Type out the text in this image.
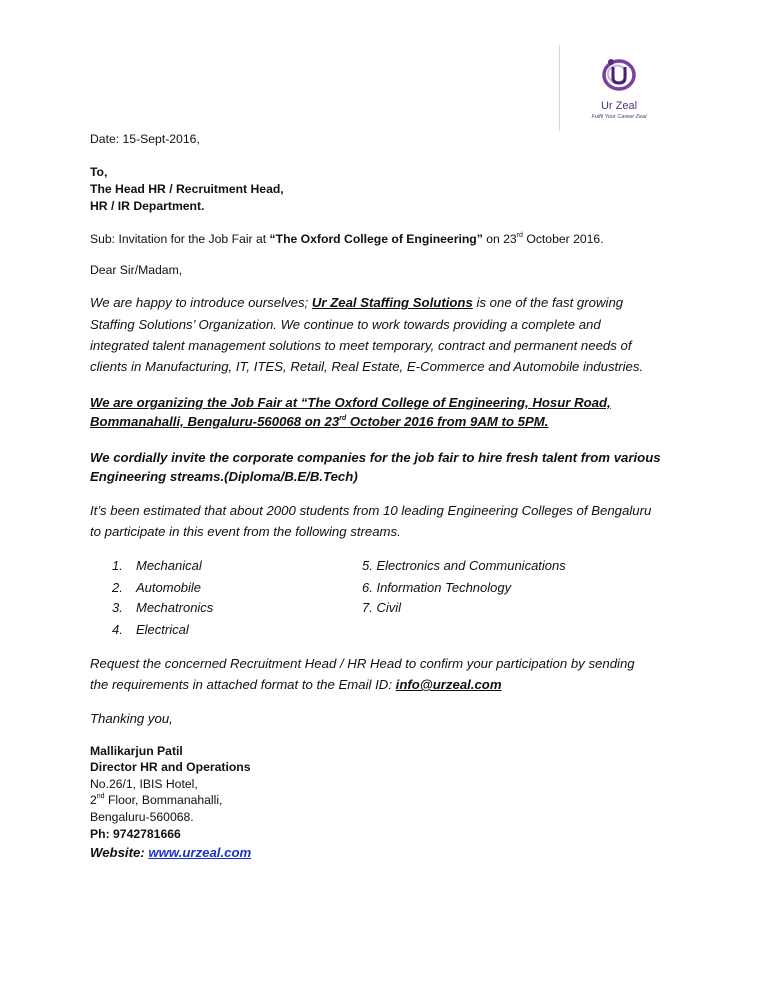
Ur Zeal
Fulfil Your Career Zeal
Date: 15-Sept-2016,
To,
The Head HR / Recruitment Head,
HR / IR Department.
Sub: Invitation for the Job Fair at “The Oxford College of Engineering” on 23rd October 2016.
Dear Sir/Madam,
We are happy to introduce ourselves; Ur Zeal Staffing Solutions is one of the fast growing
Staffing Solutions’ Organization. We continue to work towards providing a complete and
integrated talent management solutions to meet temporary, contract and permanent needs of
clients in Manufacturing, IT, ITES, Retail, Real Estate, E-Commerce and Automobile industries.
We are organizing the Job Fair at “The Oxford College of Engineering, Hosur Road,
Bommanahalli, Bengaluru-560068 on 23rd October 2016 from 9AM to 5PM.
We cordially invite the corporate companies for the job fair to hire fresh talent from various
Engineering streams.(Diploma/B.E/B.Tech)
It’s been estimated that about 2000 students from 10 leading Engineering Colleges of Bengaluru
to participate in this event from the following streams.
1. Mechanical
2. Automobile
3. Mechatronics
4. Electrical
5. Electronics and Communications
6. Information Technology
7. Civil
Request the concerned Recruitment Head / HR Head to confirm your participation by sending
the requirements in attached format to the Email ID: info@urzeal.com
Thanking you,
Mallikarjun Patil
Director HR and Operations
No.26/1, IBIS Hotel,
2nd Floor, Bommanahalli,
Bengaluru-560068.
Ph: 9742781666
Website: www.urzeal.com
